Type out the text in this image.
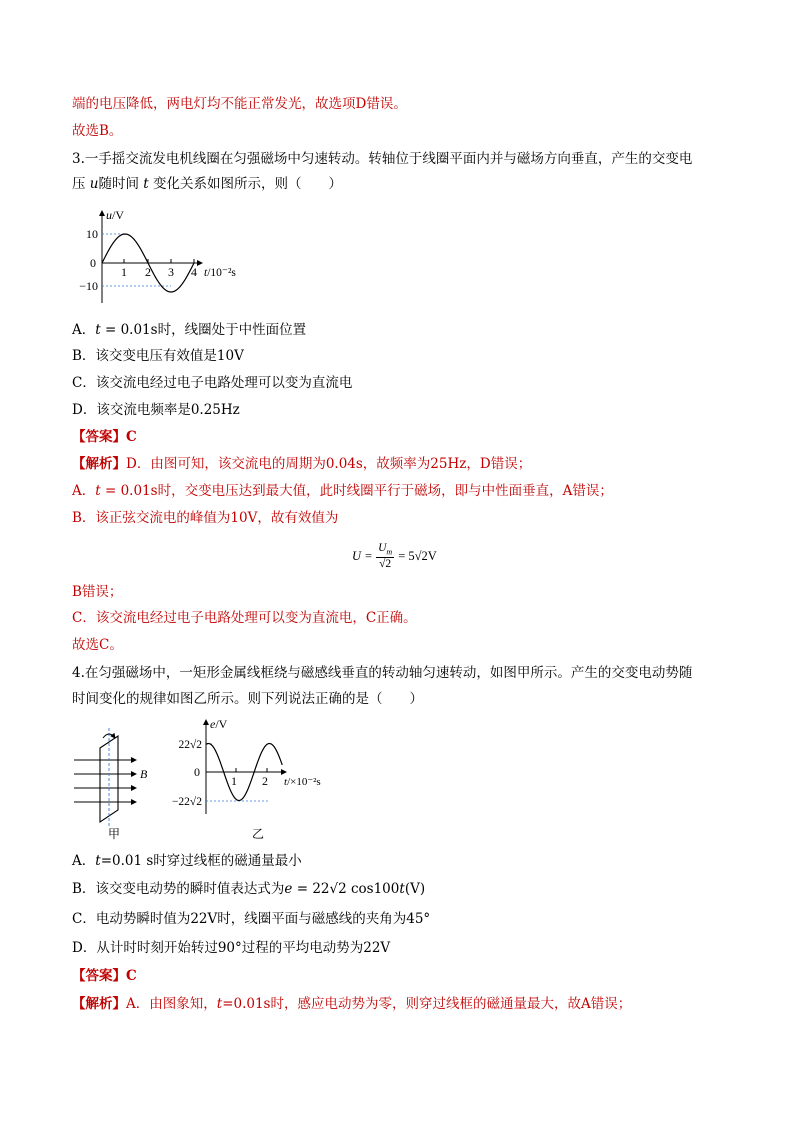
端的电压降低，两电灯均不能正常发光，故选项D错误。
故选B。
3.一手摇交流发电机线圈在匀强磁场中匀速转动。转轴位于线圈平面内并与磁场方向垂直，产生的交变电
压 u随时间 t 变化关系如图所示，则（　　）
u/V
10
0
−10
1 2 3 4 t/10⁻²s
A．t = 0.01s时，线圈处于中性面位置
B．该交变电压有效值是10V
C．该交流电经过电子电路处理可以变为直流电
D．该交流电频率是0.25Hz
【答案】C
【解析】D．由图可知，该交流电的周期为0.04s，故频率为25Hz，D错误；
A．t = 0.01s时，交变电压达到最大值，此时线圈平行于磁场，即与中性面垂直，A错误；
B．该正弦交流电的峰值为10V，故有效值为
$U = \frac{U_m}{√2} = 5√2V$
B错误；
C．该交流电经过电子电路处理可以变为直流电，C正确。
故选C。
4.在匀强磁场中，一矩形金属线框绕与磁感线垂直的转动轴匀速转动，如图甲所示。产生的交变电动势随
时间变化的规律如图乙所示。则下列说法正确的是（　　）
B
甲
e/V
22√2
0
−22√2
1 2 t/×10⁻²s
乙
A．t=0.01 s时穿过线框的磁通量最小
B．该交变电动势的瞬时值表达式为e = 22√2 cos100t(V)
C．电动势瞬时值为22V时，线圈平面与磁感线的夹角为45°
D．从计时时刻开始转过90°过程的平均电动势为22V
【答案】C
【解析】A．由图象知，t=0.01s时，感应电动势为零，则穿过线框的磁通量最大，故A错误；
